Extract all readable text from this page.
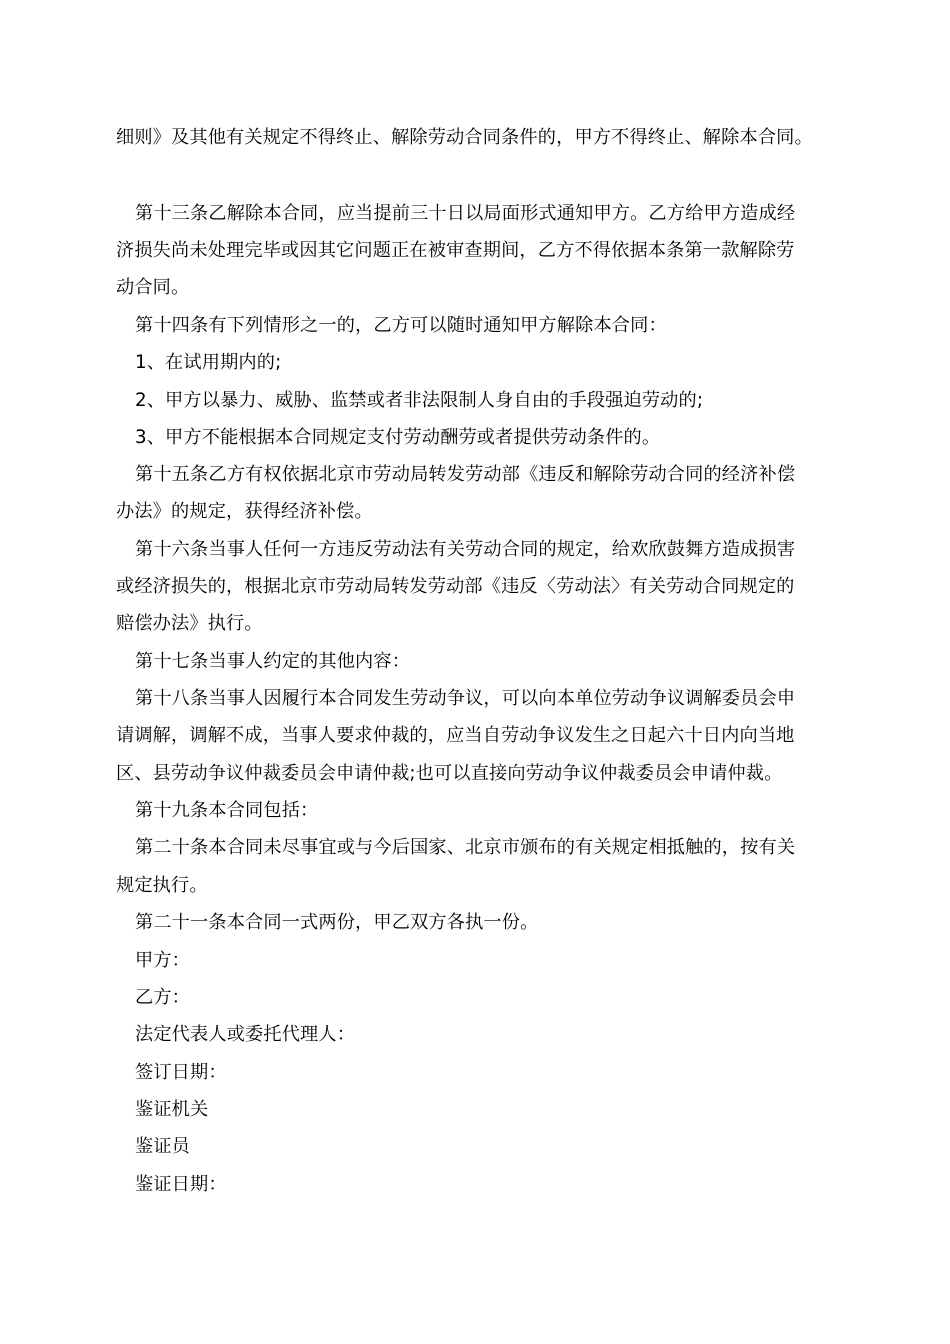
细则》及其他有关规定不得终止、解除劳动合同条件的，甲方不得终止、解除本合同。
第十三条乙解除本合同，应当提前三十日以局面形式通知甲方。乙方给甲方造成经
济损失尚未处理完毕或因其它问题正在被审查期间，乙方不得依据本条第一款解除劳
动合同。
第十四条有下列情形之一的，乙方可以随时通知甲方解除本合同：
1、在试用期内的;
2、甲方以暴力、威胁、监禁或者非法限制人身自由的手段强迫劳动的;
3、甲方不能根据本合同规定支付劳动酬劳或者提供劳动条件的。
第十五条乙方有权依据北京市劳动局转发劳动部《违反和解除劳动合同的经济补偿
办法》的规定，获得经济补偿。
第十六条当事人任何一方违反劳动法有关劳动合同的规定，给欢欣鼓舞方造成损害
或经济损失的，根据北京市劳动局转发劳动部《违反〈劳动法〉有关劳动合同规定的
赔偿办法》执行。
第十七条当事人约定的其他内容：
第十八条当事人因履行本合同发生劳动争议，可以向本单位劳动争议调解委员会申
请调解，调解不成，当事人要求仲裁的，应当自劳动争议发生之日起六十日内向当地
区、县劳动争议仲裁委员会申请仲裁;也可以直接向劳动争议仲裁委员会申请仲裁。
第十九条本合同包括：
第二十条本合同未尽事宜或与今后国家、北京市颁布的有关规定相抵触的，按有关
规定执行。
第二十一条本合同一式两份，甲乙双方各执一份。
甲方：
乙方：
法定代表人或委托代理人：
签订日期：
鉴证机关
鉴证员
鉴证日期：
